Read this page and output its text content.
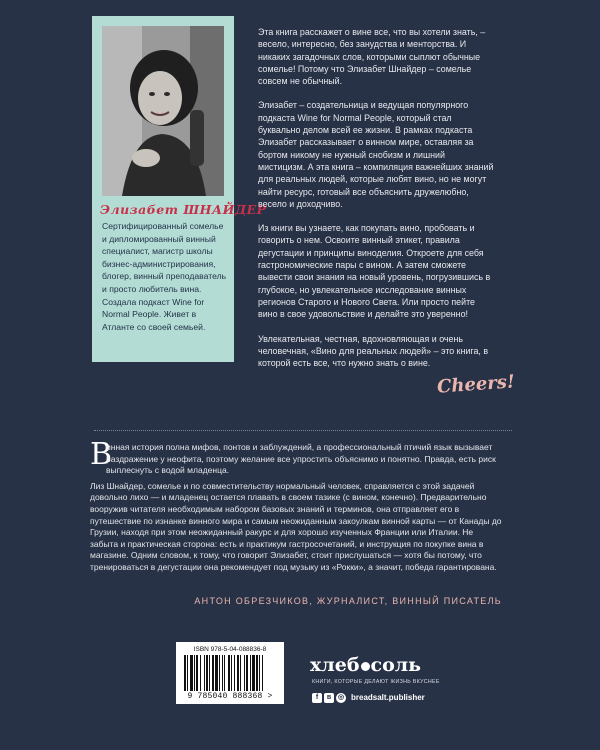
Элизабет ШНАЙДЕР

Сертифицированный сомелье и дипломированный винный специалист, магистр школы бизнес-администрирования, блогер, винный преподаватель и просто любитель вина. Создала подкаст Wine for Normal People. Живет в Атланте со своей семьей.

Эта книга расскажет о вине все, что вы хотели знать, – весело, интересно, без занудства и менторства. И никаких загадочных слов, которыми сыплют обычные сомелье! Потому что Элизабет Шнайдер – сомелье совсем не обычный.

Элизабет – создательница и ведущая популярного подкаста Wine for Normal People, который стал буквально делом всей ее жизни. В рамках подкаста Элизабет рассказывает о винном мире, оставляя за бортом никому не нужный снобизм и лишний мистицизм. А эта книга – компиляция важнейших знаний для реальных людей, которые любят вино, но не могут найти ресурс, готовый все объяснить дружелюбно, весело и доходчиво.

Из книги вы узнаете, как покупать вино, пробовать и говорить о нем. Освоите винный этикет, правила дегустации и принципы виноделия. Откроете для себя гастрономические пары с вином. А затем сможете вывести свои знания на новый уровень, погрузившись в глубокое, но увлекательное исследование винных регионов Старого и Нового Света. Или просто пейте вино в свое удовольствие и делайте это уверенно!

Увлекательная, честная, вдохновляющая и очень человечная, «Вино для реальных людей» – это книга, в которой есть все, что нужно знать о вине.

Cheers!
В

инная история полна мифов, понтов и заблуждений, а профессиональный птичий язык вызывает раздражение у неофита, поэтому желание все упростить объяснимо и понятно. Правда, есть риск выплеснуть с водой младенца.

Лиз Шнайдер, сомелье и по совместительству нормальный человек, справляется с этой задачей довольно лихо — и младенец остается плавать в своем тазике (с вином, конечно). Предварительно вооружив читателя необходимым набором базовых знаний и терминов, она отправляет его в путешествие по изнанке винного мира и самым неожиданным закоулкам винной карты — от Канады до Грузии, находя при этом неожиданный ракурс и для хорошо изученных Франции или Италии. Не забыта и практическая сторона: есть и практикум гастросочетаний, и инструкция по покупке вина в магазине. Одним словом, к тому, что говорит Элизабет, стоит прислушаться — хотя бы потому, что тренироваться в дегустации она рекомендует под музыку из «Рокки», а значит, победа гарантирована.

АНТОН ОБРЕЗЧИКОВ, ЖУРНАЛИСТ, ВИННЫЙ ПИСАТЕЛЬ
ISBN 978-5-04-088836-8
9 785040 888368 >
хлеб соль
КНИГИ, КОТОРЫЕ ДЕЛАЮТ ЖИЗНЬ ВКУСНЕЕ
f в ◎ breadsalt.publisher
